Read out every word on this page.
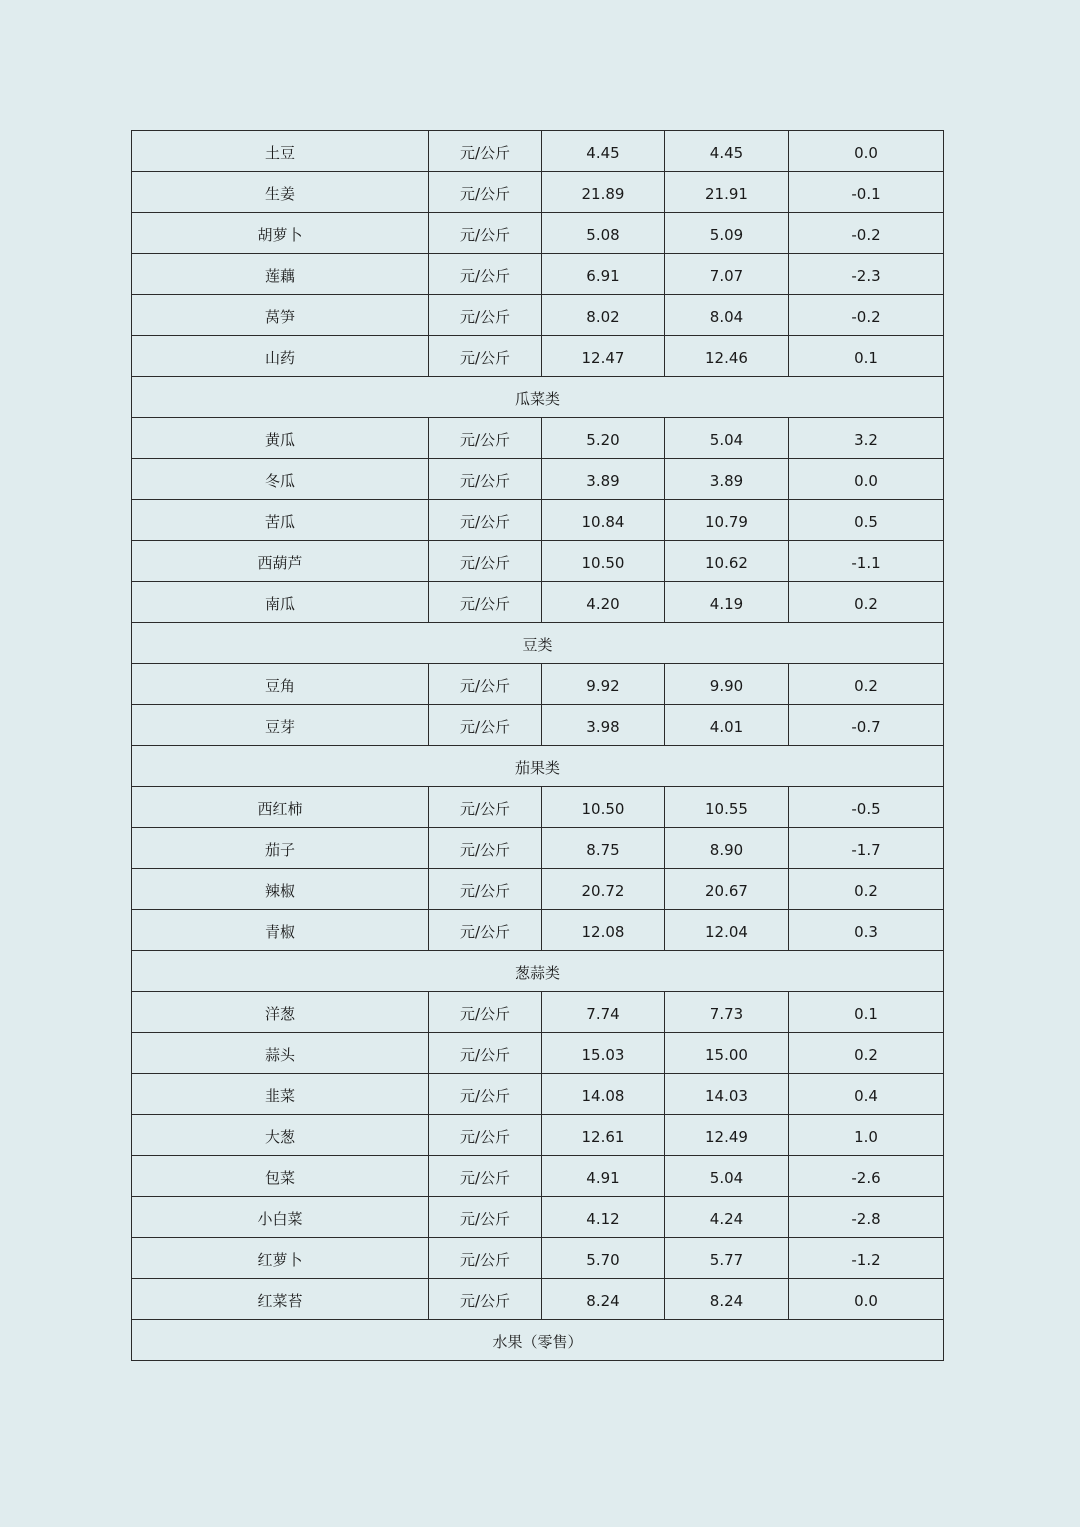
土豆	元/公斤	4.45	4.45	0.0

生姜	元/公斤	21.89	21.91	-0.1

胡萝卜	元/公斤	5.08	5.09	-0.2

莲藕	元/公斤	6.91	7.07	-2.3

莴笋	元/公斤	8.02	8.04	-0.2

山药	元/公斤	12.47	12.46	0.1

瓜菜类				

黄瓜	元/公斤	5.20	5.04	3.2

冬瓜	元/公斤	3.89	3.89	0.0

苦瓜	元/公斤	10.84	10.79	0.5

西葫芦	元/公斤	10.50	10.62	-1.1

南瓜	元/公斤	4.20	4.19	0.2

豆类				

豆角	元/公斤	9.92	9.90	0.2

豆芽	元/公斤	3.98	4.01	-0.7

茄果类				

西红柿	元/公斤	10.50	10.55	-0.5

茄子	元/公斤	8.75	8.90	-1.7

辣椒	元/公斤	20.72	20.67	0.2

青椒	元/公斤	12.08	12.04	0.3

葱蒜类				

洋葱	元/公斤	7.74	7.73	0.1

蒜头	元/公斤	15.03	15.00	0.2

韭菜	元/公斤	14.08	14.03	0.4

大葱	元/公斤	12.61	12.49	1.0

包菜	元/公斤	4.91	5.04	-2.6

小白菜	元/公斤	4.12	4.24	-2.8

红萝卜	元/公斤	5.70	5.77	-1.2

红菜苔	元/公斤	8.24	8.24	0.0

水果（零售）				
